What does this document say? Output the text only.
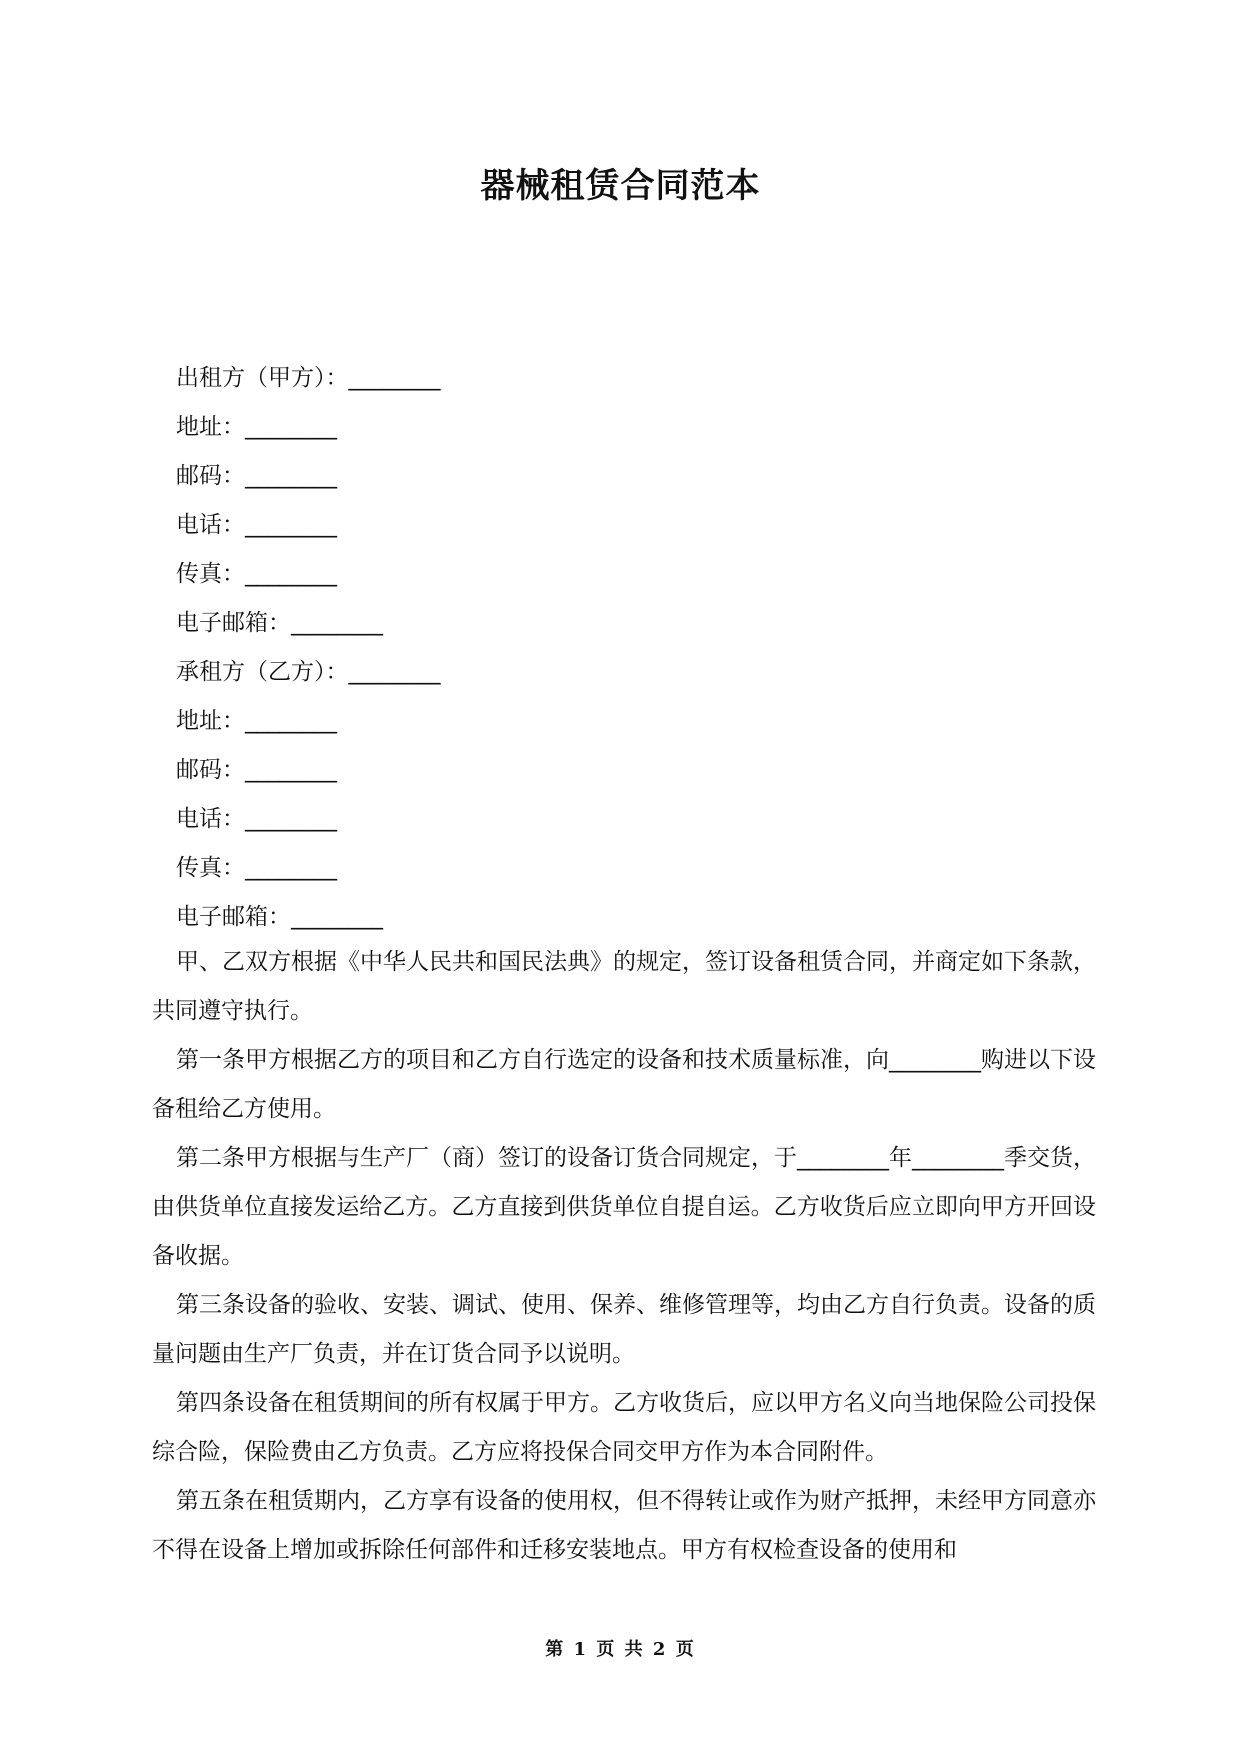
器械租赁合同范本
出租方（甲方）：________
地址：________
邮码：________
电话：________
传真：________
电子邮箱：________
承租方（乙方）：________
地址：________
邮码：________
电话：________
传真：________
电子邮箱：________

甲、乙双方根据《中华人民共和国民法典》的规定，签订设备租赁合同，并商定如下条款，共同遵守执行。

第一条甲方根据乙方的项目和乙方自行选定的设备和技术质量标准，向________购进以下设备租给乙方使用。

第二条甲方根据与生产厂（商）签订的设备订货合同规定，于________年________季交货，由供货单位直接发运给乙方。乙方直接到供货单位自提自运。乙方收货后应立即向甲方开回设备收据。

第三条设备的验收、安装、调试、使用、保养、维修管理等，均由乙方自行负责。设备的质量问题由生产厂负责，并在订货合同予以说明。

第四条设备在租赁期间的所有权属于甲方。乙方收货后，应以甲方名义向当地保险公司投保综合险，保险费由乙方负责。乙方应将投保合同交甲方作为本合同附件。

第五条在租赁期内，乙方享有设备的使用权，但不得转让或作为财产抵押，未经甲方同意亦不得在设备上增加或拆除任何部件和迁移安装地点。甲方有权检查设备的使用和

第 1 页 共 2 页
